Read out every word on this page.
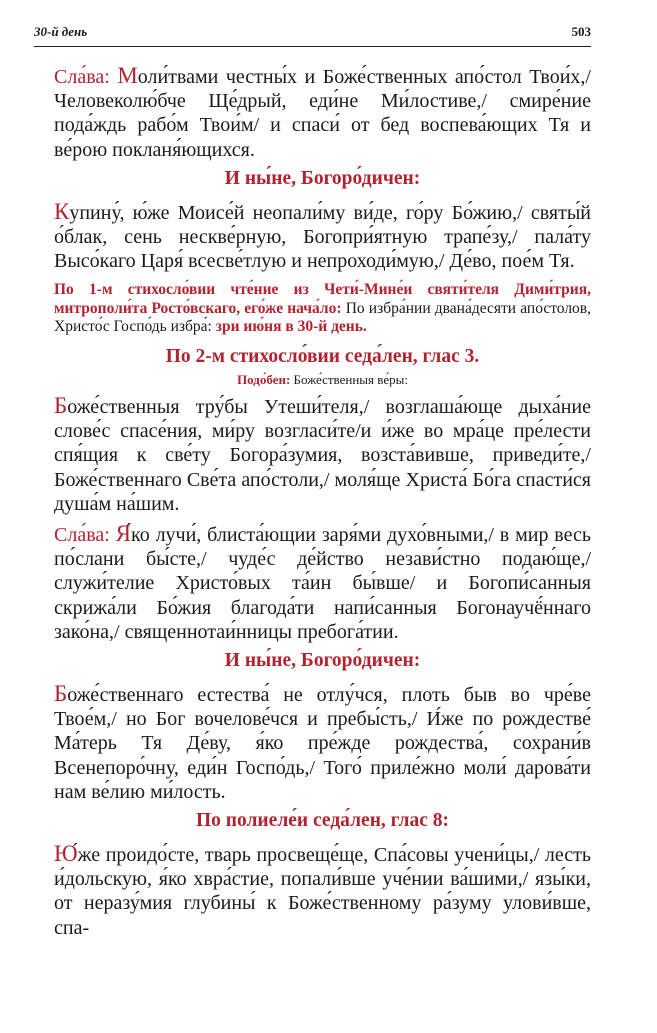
30-й день	503

Сла́ва: Моли́твами честны́х и Боже́ственных апо́стол Твои́х,/ Человеколю́бче Ще́дрый, еди́не Ми́лостиве,/ смире́ние пода́ждь рабо́м Твои́м/ и спаси́ от бед воспева́ющих Тя и ве́рою покланя́ющихся.

И ны́не, Богоро́дичен:

Купину́, ю́же Моисе́й неопали́му ви́де, го́ру Бо́жию,/ святы́й о́блак, сень нескве́рную, Богопри́ятную трапе́зу,/ пала́ту Высо́каго Царя́ всесве́тлую и непроходи́мую,/ Де́во, пое́м Тя.

По 1-м стихосло́вии чте́ние из Чети́-Мине́и святи́теля Дими́трия, митрополи́та Росто́вскаго, его́же нача́ло: По избра́нии двана́десяти апо́столов, Христо́с Госпо́дь избра́: зри ию́ня в 30-й день.

По 2-м стихосло́вии седа́лен, глас 3.
Подо́бен: Боже́ственныя ве́ры:

Боже́ственныя тру́бы Утеши́теля,/ возглаша́юще дыха́ние слове́с спасе́ния, ми́ру возгласи́те/и и́же во мра́це пре́лести спя́щия к све́ту Богора́зумия, возста́вивше, приведи́те,/ Боже́ственнаго Све́та апо́столи,/ моля́ще Христа́ Бо́га спасти́ся душа́м на́шим.

Сла́ва: Я́ко лучи́, блиста́ющии заря́ми духо́вными,/ в мир весь по́слани бы́сте,/ чуде́с де́йство незави́стно подаю́ще,/ служи́телие Христо́вых та́ин бы́вше/ и Богопи́санныя скрижа́ли Бо́жия благода́ти напи́санныя Богонаучё́ннаго зако́на,/ священнотаи́нницы пребога́тии.

И ны́не, Богоро́дичен:

Боже́ственнаго естества́ не отлу́чся, плоть быв во чре́ве Твое́м,/ но Бог вочелове́чся и пребы́сть,/ И́же по рождестве́ Ма́терь Тя Де́ву, я́ко пре́жде рождества́, сохрани́в Всенепоро́чну, еди́н Госпо́дь,/ Того́ приле́жно моли́ дарова́ти нам ве́лию ми́лость.

По полиеле́и седа́лен, глас 8:

Ю́же проидо́сте, тварь просвеще́ще, Спа́совы учени́цы,/ лесть и́дольскую, я́ко хвра́стие, попали́вше уче́нии ва́шими,/ язы́ки, от неразу́мия глубины́ к Боже́ственному ра́зуму улови́вше, спа-
